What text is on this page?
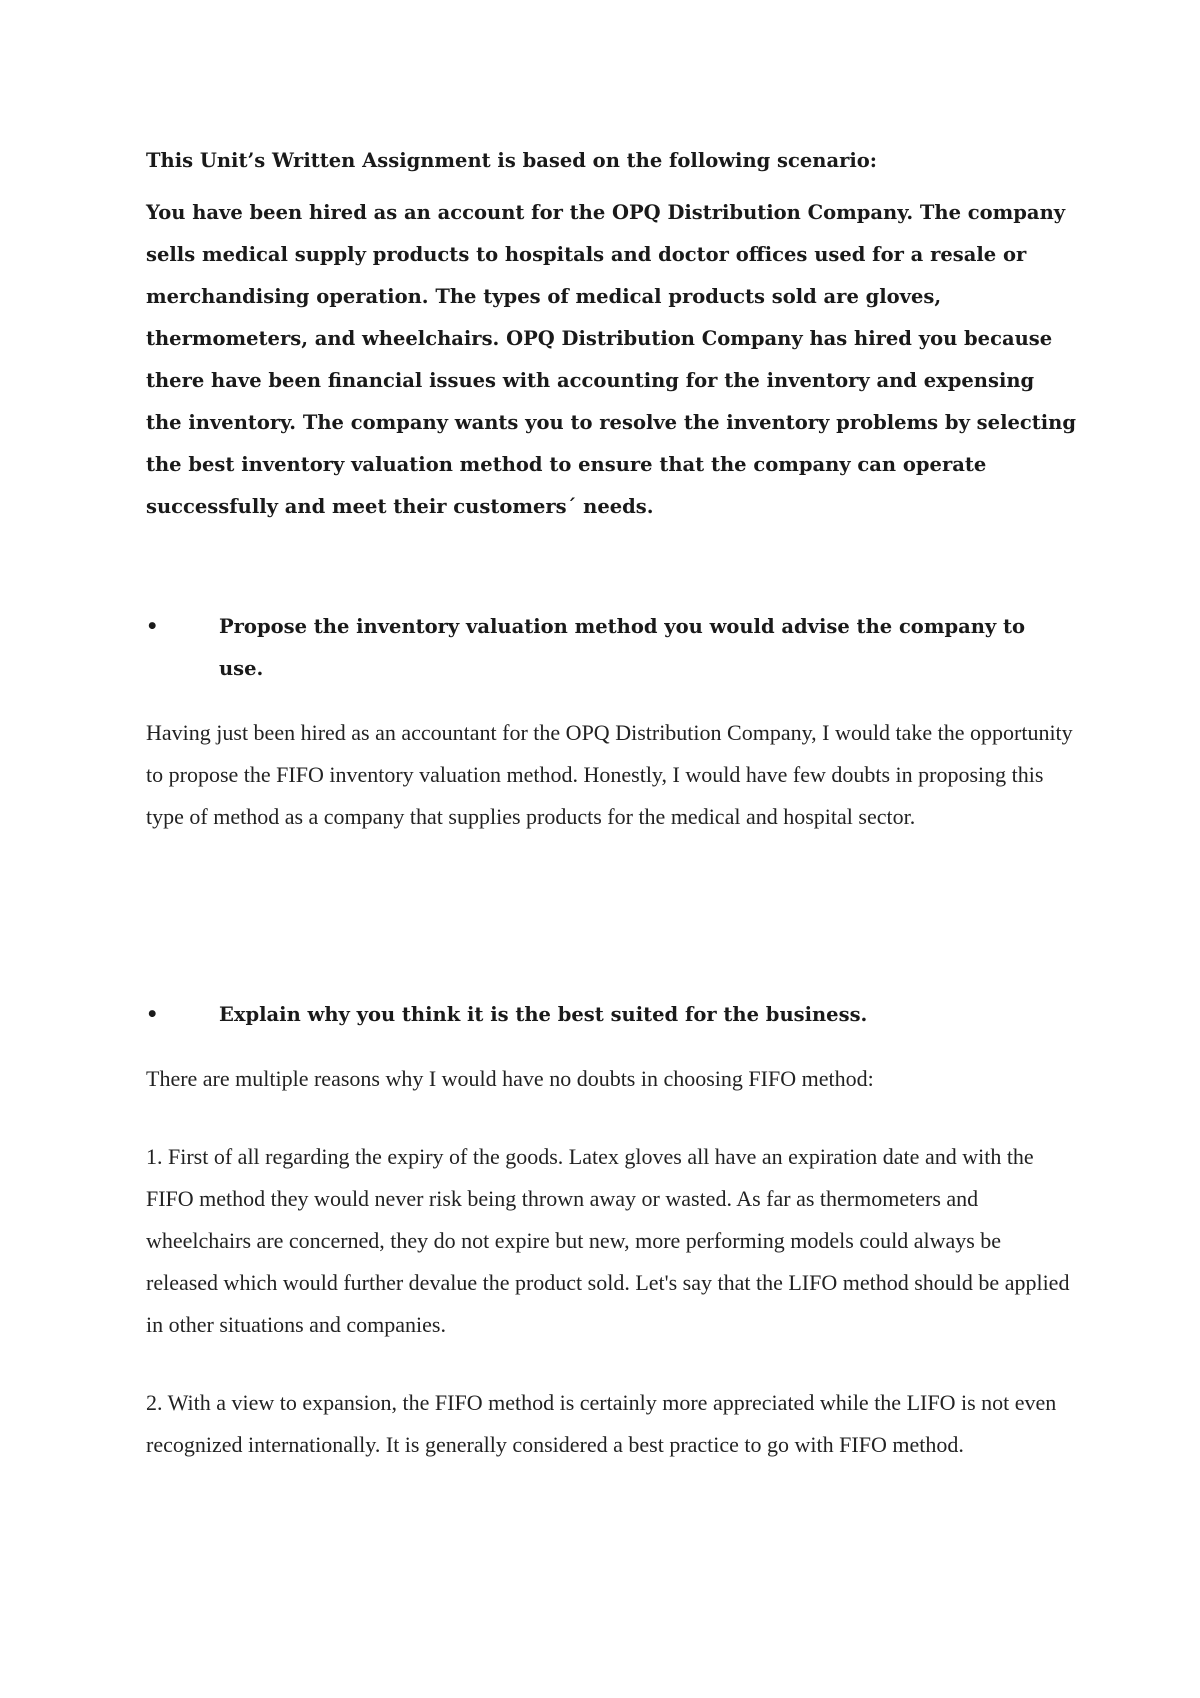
This Unit’s Written Assignment is based on the following scenario:

You have been hired as an account for the OPQ Distribution Company. The company sells medical supply products to hospitals and doctor offices used for a resale or merchandising operation. The types of medical products sold are gloves, thermometers, and wheelchairs. OPQ Distribution Company has hired you because there have been financial issues with accounting for the inventory and expensing the inventory. The company wants you to resolve the inventory problems by selecting the best inventory valuation method to ensure that the company can operate successfully and meet their customers´ needs.

•	Propose the inventory valuation method you would advise the company to use.

Having just been hired as an accountant for the OPQ Distribution Company, I would take the opportunity to propose the FIFO inventory valuation method. Honestly, I would have few doubts in proposing this type of method as a company that supplies products for the medical and hospital sector.

•	Explain why you think it is the best suited for the business.

There are multiple reasons why I would have no doubts in choosing FIFO method:

1. First of all regarding the expiry of the goods. Latex gloves all have an expiration date and with the FIFO method they would never risk being thrown away or wasted. As far as thermometers and wheelchairs are concerned, they do not expire but new, more performing models could always be released which would further devalue the product sold. Let's say that the LIFO method should be applied in other situations and companies.

2. With a view to expansion, the FIFO method is certainly more appreciated while the LIFO is not even recognized internationally. It is generally considered a best practice to go with FIFO method.
